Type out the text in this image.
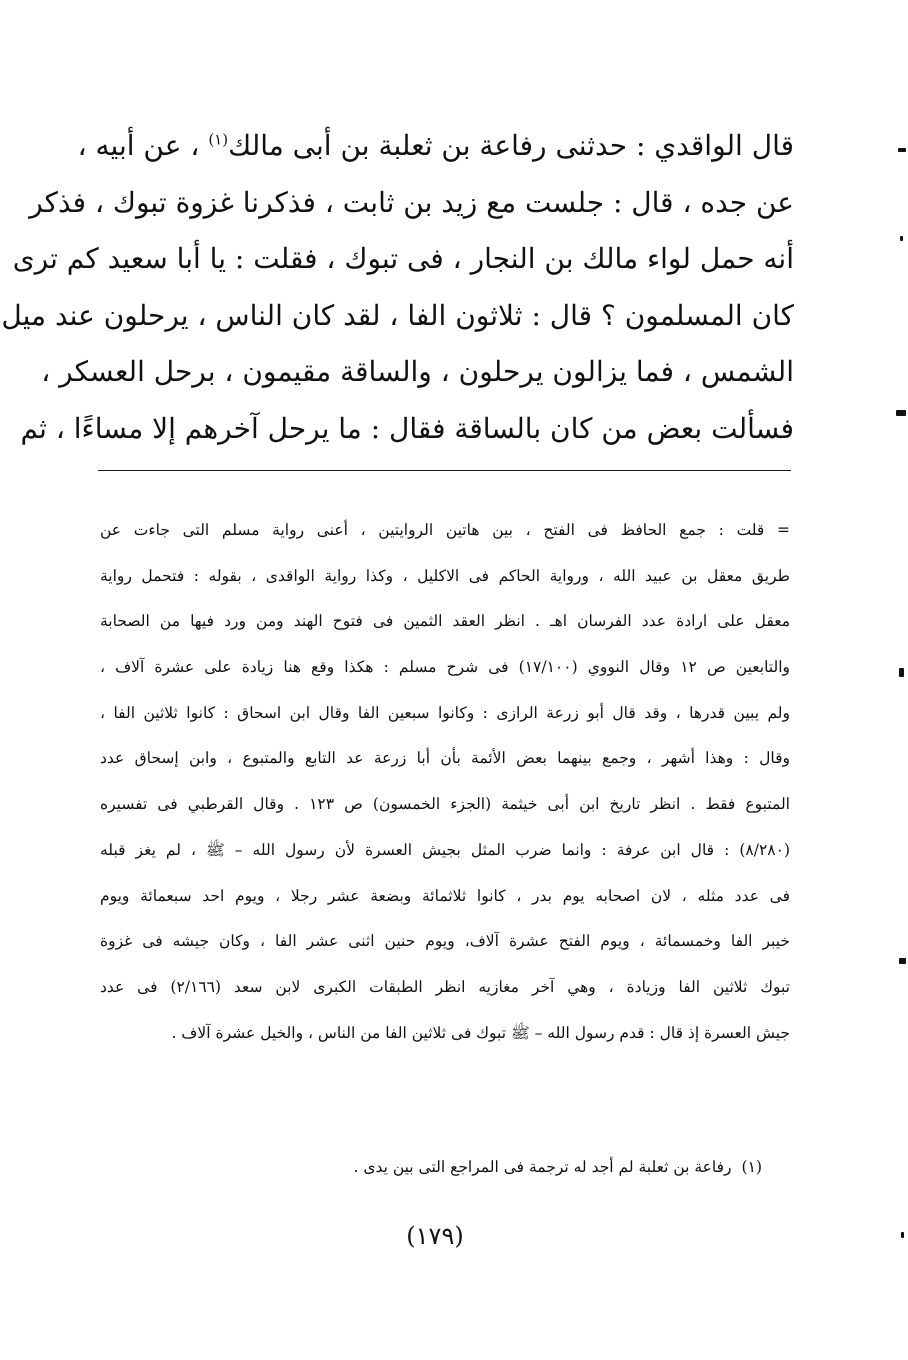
قال الواقدي : حدثنى رفاعة بن ثعلبة بن أبى مالك$^{(١)}$ ، عن أبيه ،
عن جده ، قال : جلست مع زيد بن ثابت ، فذكرنا غزوة تبوك ، فذكر
أنه حمل لواء مالك بن النجار ، فى تبوك ، فقلت : يا أبا سعيد كم ترى
كان المسلمون ؟ قال : ثلاثون الفا ، لقد كان الناس ، يرحلون عند ميل
الشمس ، فما يزالون يرحلون ، والساقة مقيمون ، برحل العسكر ،
فسألت بعض من كان بالساقة فقال : ما يرحل آخرهم إلا مساءًا ، ثم
= قلت : جمع الحافظ فى الفتح ، بين هاتين الروايتين ، أعنى رواية مسلم التى جاءت عن
طريق معقل بن عبيد الله ، ورواية الحاكم فى الاكليل ، وكذا رواية الواقدى ، بقوله : فتحمل رواية
معقل على ارادة عدد الفرسان اهـ . انظر العقد الثمين فى فتوح الهند ومن ورد فيها من الصحابة
والتابعين ص ١٢ وقال النووي (١٧/١٠٠) فى شرح مسلم : هكذا وقع هنا زيادة على عشرة آلاف ،
ولم يبين قدرها ، وقد قال أبو زرعة الرازى : وكانوا سبعين الفا وقال ابن اسحاق : كانوا ثلاثين الفا ،
وقال : وهذا أشهر ، وجمع بينهما بعض الأئمة بأن أبا زرعة عد التابع والمتبوع ، وابن إسحاق عدد
المتبوع فقط . انظر تاريخ ابن أبى خيثمة (الجزء الخمسون) ص ١٢٣ . وقال القرطبي فى تفسيره
(٨/٢٨٠) : قال ابن عرفة : وانما ضرب المثل بجيش العسرة لأن رسول الله – ﷺ ، لم يغز قبله
فى عدد مثله ، لان اصحابه يوم بدر ، كانوا ثلاثمائة وبضعة عشر رجلا ، ويوم احد سبعمائة ويوم
خيبر الفا وخمسمائة ، ويوم الفتح عشرة آلاف، ويوم حنين اثنى عشر الفا ، وكان جيشه فى غزوة
تبوك ثلاثين الفا وزيادة ، وهي آخر مغازيه انظر الطبقات الكبرى لابن سعد (٢/١٦٦) فى عدد
جيش العسرة إذ قال : قدم رسول الله – ﷺ تبوك فى ثلاثين الفا من الناس ، والخيل عشرة آلاف .
(١)رفاعة بن ثعلبة لم أجد له ترجمة فى المراجع التى بين يدى .
(١٧٩)
